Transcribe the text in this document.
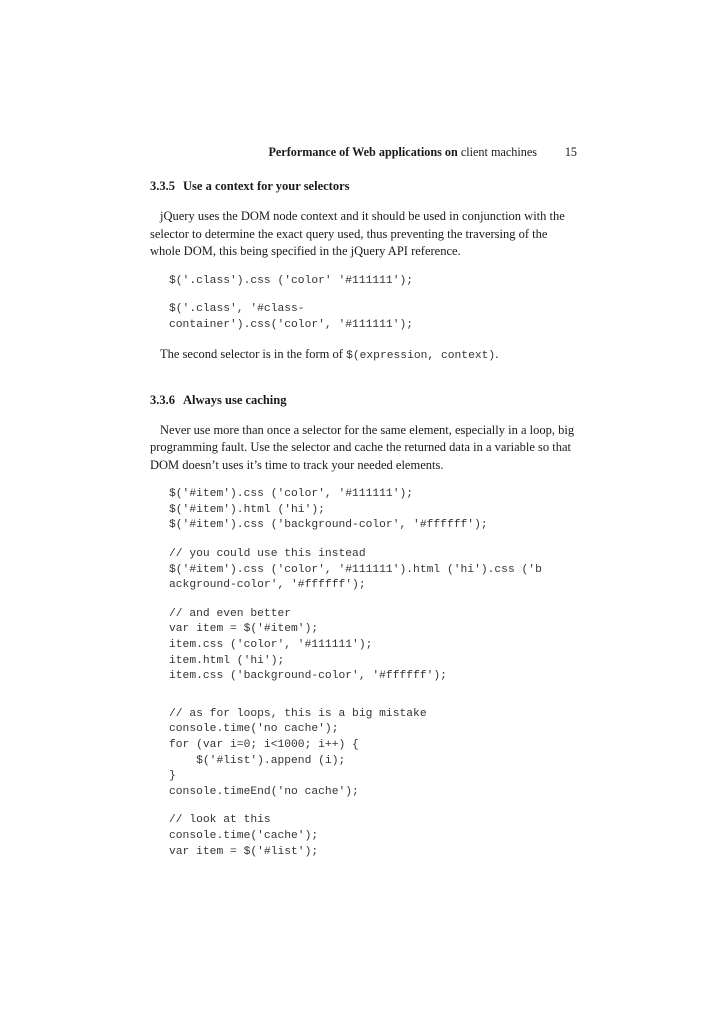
Performance of Web applications on client machines 15
3.3.5 Use a context for your selectors

jQuery uses the DOM node context and it should be used in conjunction with the selector to determine the exact query used, thus preventing the traversing of the whole DOM, this being specified in the jQuery API reference.

$('.class').css ('color' '#111111');
$('.class', '#class-
container').css('color', '#111111');

The second selector is in the form of $(expression, context).

3.3.6 Always use caching

Never use more than once a selector for the same element, especially in a loop, big programming fault. Use the selector and cache the returned data in a variable so that DOM doesn’t uses it’s time to track your needed elements.

$('#item').css ('color', '#111111');
$('#item').html ('hi');
$('#item').css ('background-color', '#ffffff');
// you could use this instead
$('#item').css ('color', '#111111').html ('hi').css ('b
ackground-color', '#ffffff');
// and even better
var item = $('#item');
item.css ('color', '#111111');
item.html ('hi');
item.css ('background-color', '#ffffff');
// as for loops, this is a big mistake
console.time('no cache');
for (var i=0; i<1000; i++) {
$('#list').append (i);
}
console.timeEnd('no cache');
// look at this
console.time('cache');
var item = $('#list');
